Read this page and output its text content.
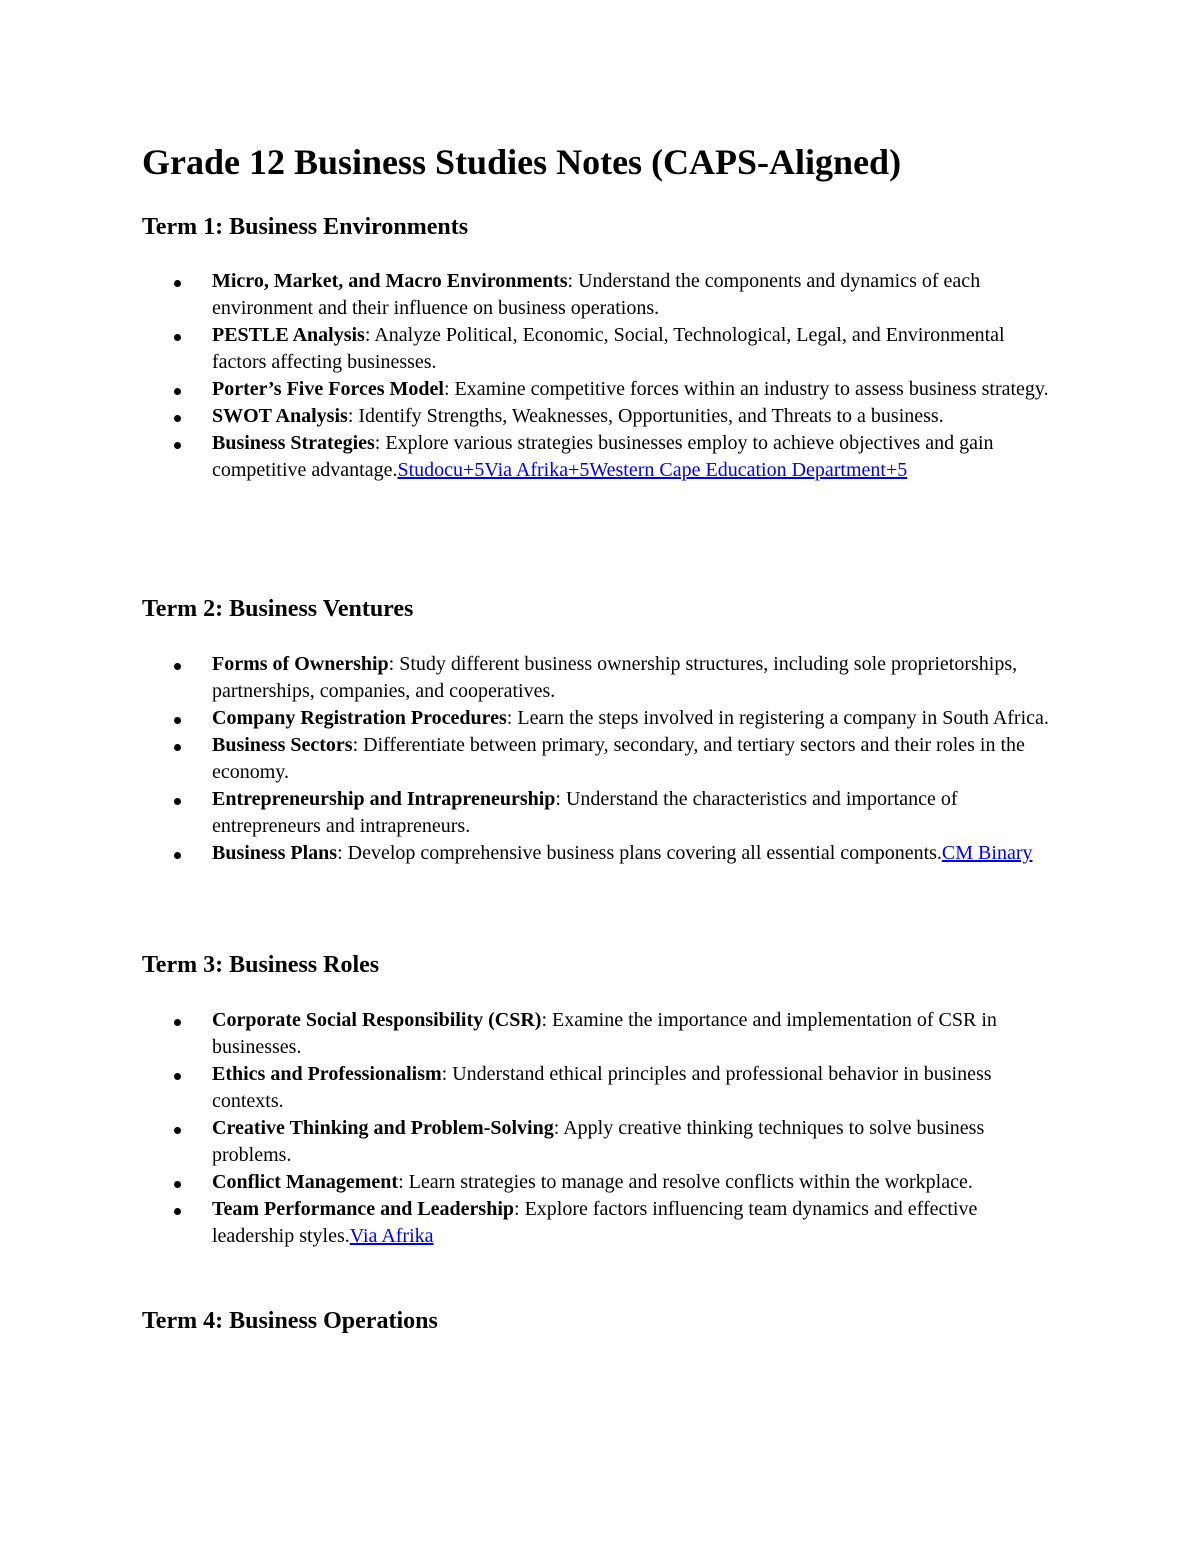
Grade 12 Business Studies Notes (CAPS-Aligned)
Term 1: Business Environments
Micro, Market, and Macro Environments: Understand the components and dynamics of each environment and their influence on business operations.
PESTLE Analysis: Analyze Political, Economic, Social, Technological, Legal, and Environmental factors affecting businesses.
Porter’s Five Forces Model: Examine competitive forces within an industry to assess business strategy.
SWOT Analysis: Identify Strengths, Weaknesses, Opportunities, and Threats to a business.
Business Strategies: Explore various strategies businesses employ to achieve objectives and gain competitive advantage.Studocu+5Via Afrika+5Western Cape Education Department+5
Term 2: Business Ventures
Forms of Ownership: Study different business ownership structures, including sole proprietorships, partnerships, companies, and cooperatives.
Company Registration Procedures: Learn the steps involved in registering a company in South Africa.
Business Sectors: Differentiate between primary, secondary, and tertiary sectors and their roles in the economy.
Entrepreneurship and Intrapreneurship: Understand the characteristics and importance of entrepreneurs and intrapreneurs.
Business Plans: Develop comprehensive business plans covering all essential components.CM Binary
Term 3: Business Roles
Corporate Social Responsibility (CSR): Examine the importance and implementation of CSR in businesses.
Ethics and Professionalism: Understand ethical principles and professional behavior in business contexts.
Creative Thinking and Problem-Solving: Apply creative thinking techniques to solve business problems.
Conflict Management: Learn strategies to manage and resolve conflicts within the workplace.
Team Performance and Leadership: Explore factors influencing team dynamics and effective leadership styles.Via Afrika
Term 4: Business Operations
